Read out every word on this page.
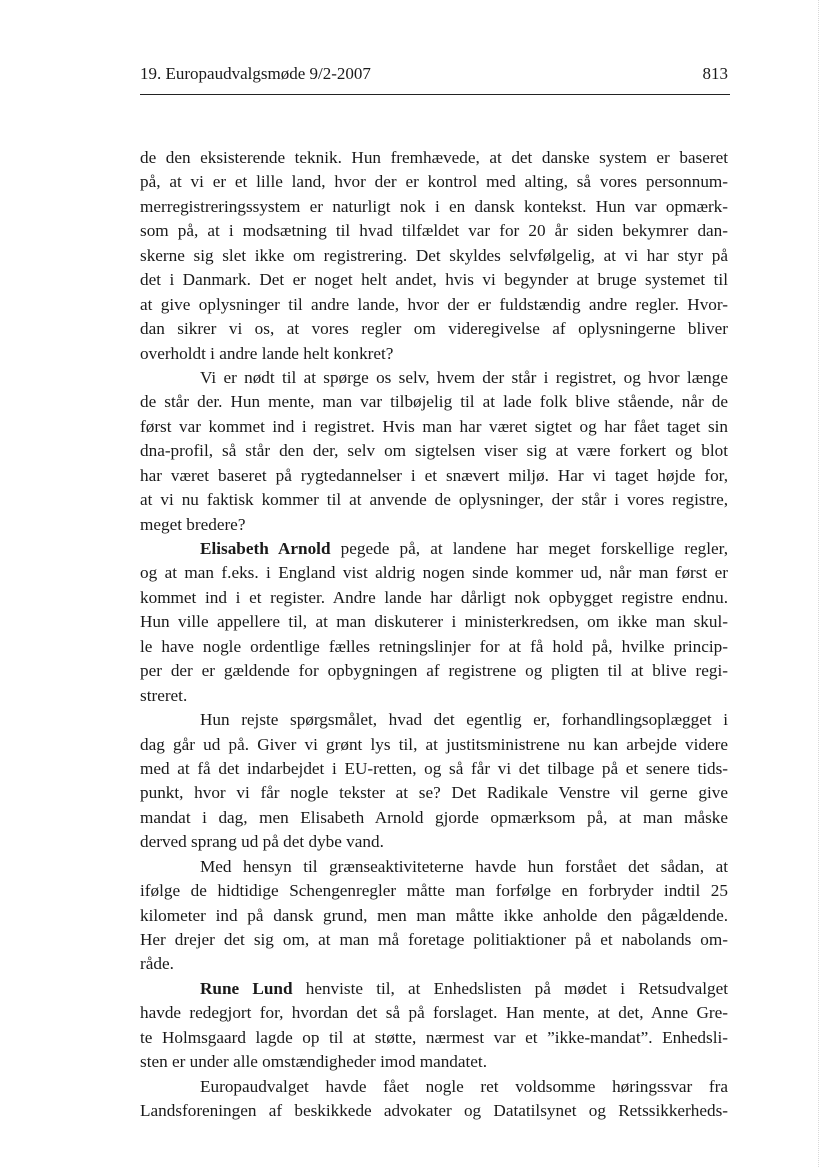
19. Europaudvalgsmøde 9/2-2007	813
de den eksisterende teknik. Hun fremhævede, at det danske system er baseret
på, at vi er et lille land, hvor der er kontrol med alting, så vores personnum-
merregistreringssystem er naturligt nok i en dansk kontekst. Hun var opmærk-
som på, at i modsætning til hvad tilfældet var for 20 år siden bekymrer dan-
skerne sig slet ikke om registrering. Det skyldes selvfølgelig, at vi har styr på
det i Danmark. Det er noget helt andet, hvis vi begynder at bruge systemet til
at give oplysninger til andre lande, hvor der er fuldstændig andre regler. Hvor-
dan sikrer vi os, at vores regler om videregivelse af oplysningerne bliver
overholdt i andre lande helt konkret?
Vi er nødt til at spørge os selv, hvem der står i registret, og hvor længe
de står der. Hun mente, man var tilbøjelig til at lade folk blive stående, når de
først var kommet ind i registret. Hvis man har været sigtet og har fået taget sin
dna-profil, så står den der, selv om sigtelsen viser sig at være forkert og blot
har været baseret på rygtedannelser i et snævert miljø. Har vi taget højde for,
at vi nu faktisk kommer til at anvende de oplysninger, der står i vores registre,
meget bredere?
Elisabeth Arnold pegede på, at landene har meget forskellige regler,
og at man f.eks. i England vist aldrig nogen sinde kommer ud, når man først er
kommet ind i et register. Andre lande har dårligt nok opbygget registre endnu.
Hun ville appellere til, at man diskuterer i ministerkredsen, om ikke man skul-
le have nogle ordentlige fælles retningslinjer for at få hold på, hvilke princip-
per der er gældende for opbygningen af registrene og pligten til at blive regi-
streret.
Hun rejste spørgsmålet, hvad det egentlig er, forhandlingsoplægget i
dag går ud på. Giver vi grønt lys til, at justitsministrene nu kan arbejde videre
med at få det indarbejdet i EU-retten, og så får vi det tilbage på et senere tids-
punkt, hvor vi får nogle tekster at se? Det Radikale Venstre vil gerne give
mandat i dag, men Elisabeth Arnold gjorde opmærksom på, at man måske
derved sprang ud på det dybe vand.
Med hensyn til grænseaktiviteterne havde hun forstået det sådan, at
ifølge de hidtidige Schengenregler måtte man forfølge en forbryder indtil 25
kilometer ind på dansk grund, men man måtte ikke anholde den pågældende.
Her drejer det sig om, at man må foretage politiaktioner på et nabolands om-
råde.
Rune Lund henviste til, at Enhedslisten på mødet i Retsudvalget
havde redegjort for, hvordan det så på forslaget. Han mente, at det, Anne Gre-
te Holmsgaard lagde op til at støtte, nærmest var et ”ikke-mandat”. Enhedsli-
sten er under alle omstændigheder imod mandatet.
Europaudvalget havde fået nogle ret voldsomme høringssvar fra
Landsforeningen af beskikkede advokater og Datatilsynet og Retssikkerheds-
